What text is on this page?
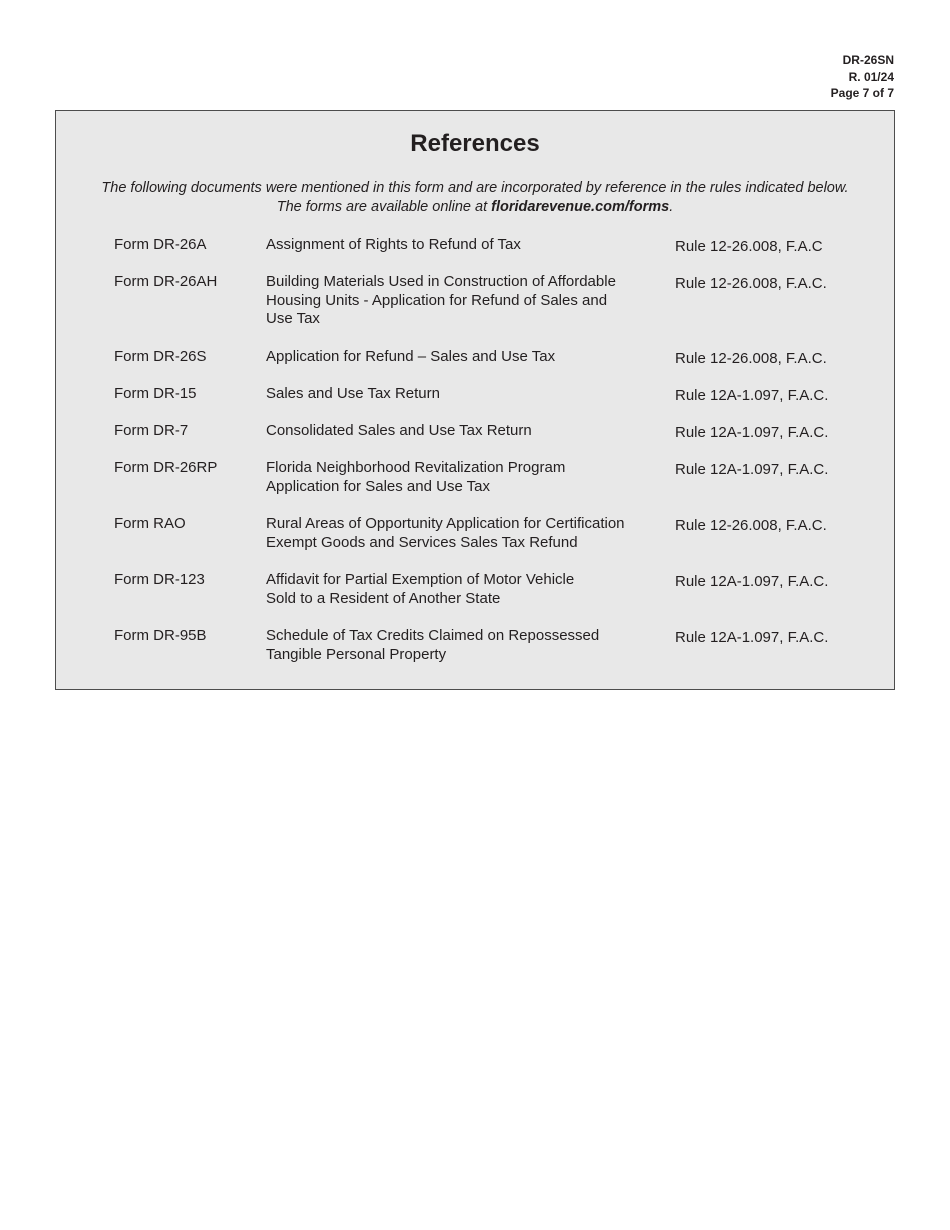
DR-26SN
R. 01/24
Page 7 of 7
References
The following documents were mentioned in this form and are incorporated by reference in the rules indicated below.
The forms are available online at floridarevenue.com/forms.
Form DR-26A	Assignment of Rights to Refund of Tax	Rule 12-26.008, F.A.C
Form DR-26AH	Building Materials Used in Construction of Affordable
Housing Units - Application for Refund of Sales and
Use Tax
Rule 12-26.008, F.A.C.
Form DR-26S	Application for Refund – Sales and Use Tax	Rule 12-26.008, F.A.C.
Form DR-15	Sales and Use Tax Return	Rule 12A-1.097, F.A.C.
Form DR-7	Consolidated Sales and Use Tax Return	Rule 12A-1.097, F.A.C.
Form DR-26RP	Florida Neighborhood Revitalization Program
Application for Sales and Use Tax
Rule 12A-1.097, F.A.C.
Form RAO	Rural Areas of Opportunity Application for Certification
Exempt Goods and Services Sales Tax Refund
Rule 12-26.008, F.A.C.
Form DR-123	Affidavit for Partial Exemption of Motor Vehicle
Sold to a Resident of Another State
Rule 12A-1.097, F.A.C.
Form DR-95B	Schedule of Tax Credits Claimed on Repossessed
Tangible Personal Property
Rule 12A-1.097, F.A.C.
